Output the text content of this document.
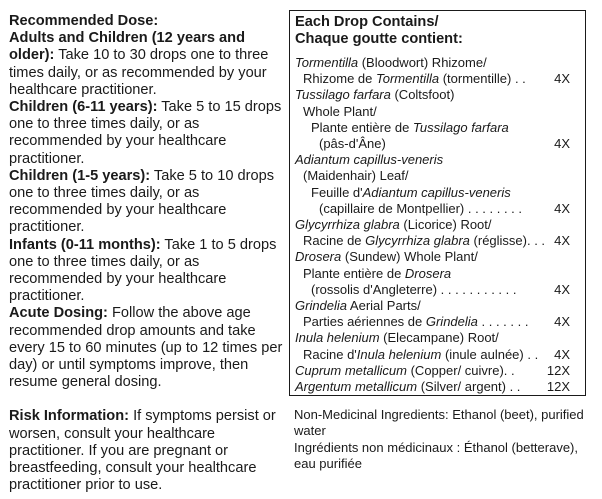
Recommended Dose:

Adults and Children (12 years and older): Take 10 to 30 drops one to three times daily, or as recommended by your healthcare practitioner.

Children (6-11 years): Take 5 to 15 drops one to three times daily, or as recommended by your healthcare practitioner.

Children (1-5 years): Take 5 to 10 drops one to three times daily, or as recommended by your healthcare practitioner.

Infants (0-11 months): Take 1 to 5 drops one to three times daily, or as recommended by your healthcare practitioner.

Acute Dosing: Follow the above age recommended drop amounts and take every 15 to 60 minutes (up to 12 times per day) or until symptoms improve, then resume general dosing.

Risk Information: If symptoms persist or worsen, consult your healthcare practitioner. If you are pregnant or breastfeeding, consult your healthcare practitioner prior to use.

Each Drop Contains/
Chaque goutte contient:
Tormentilla (Bloodwort) Rhizome/
Rhizome de Tormentilla (tormentille) . . 4X
Tussilago farfara (Coltsfoot)
Whole Plant/
Plante entière de Tussilago farfara
(pâs-d'Âne)	4X
Adiantum capillus-veneris
(Maidenhair) Leaf/
Feuille d'Adiantum capillus-veneris
(capillaire de Montpellier) . . . . . . . . 4X
Glycyrrhiza glabra (Licorice) Root/
Racine de Glycyrrhiza glabra (réglisse). . . 4X
Drosera (Sundew) Whole Plant/
Plante entière de Drosera
(rossolis d'Angleterre) . . . . . . . . . . .	4X
Grindelia Aerial Parts/
Parties aériennes de Grindelia . . . . . . . 4X
Inula helenium (Elecampane) Root/
Racine d'Inula helenium (inule aulnée) . . 4X
Cuprum metallicum (Copper/ cuivre). . 12X
Argentum metallicum (Silver/ argent) . . 12X

Non-Medicinal Ingredients: Ethanol (beet), purified water

Ingrédients non médicinaux : Éthanol (betterave), eau purifiée
